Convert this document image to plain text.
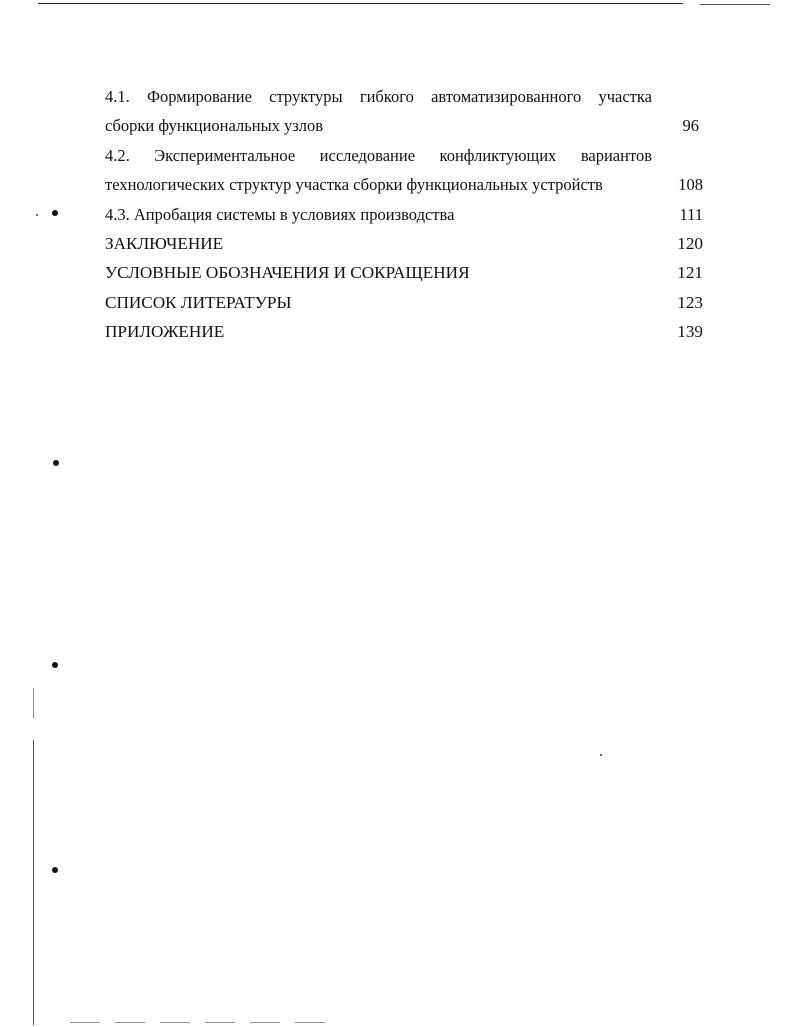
4.1. Формирование структуры гибкого автоматизированного участка
сборки функциональных узлов	96
4.2. Экспериментальное исследование конфликтующих вариантов
технологических структур участка сборки функциональных устройств	108
4.3. Апробация системы в условиях производства	111
ЗАКЛЮЧЕНИЕ	120
УСЛОВНЫЕ ОБОЗНАЧЕНИЯ И СОКРАЩЕНИЯ	121
СПИСОК ЛИТЕРАТУРЫ	123
ПРИЛОЖЕНИЕ	139
